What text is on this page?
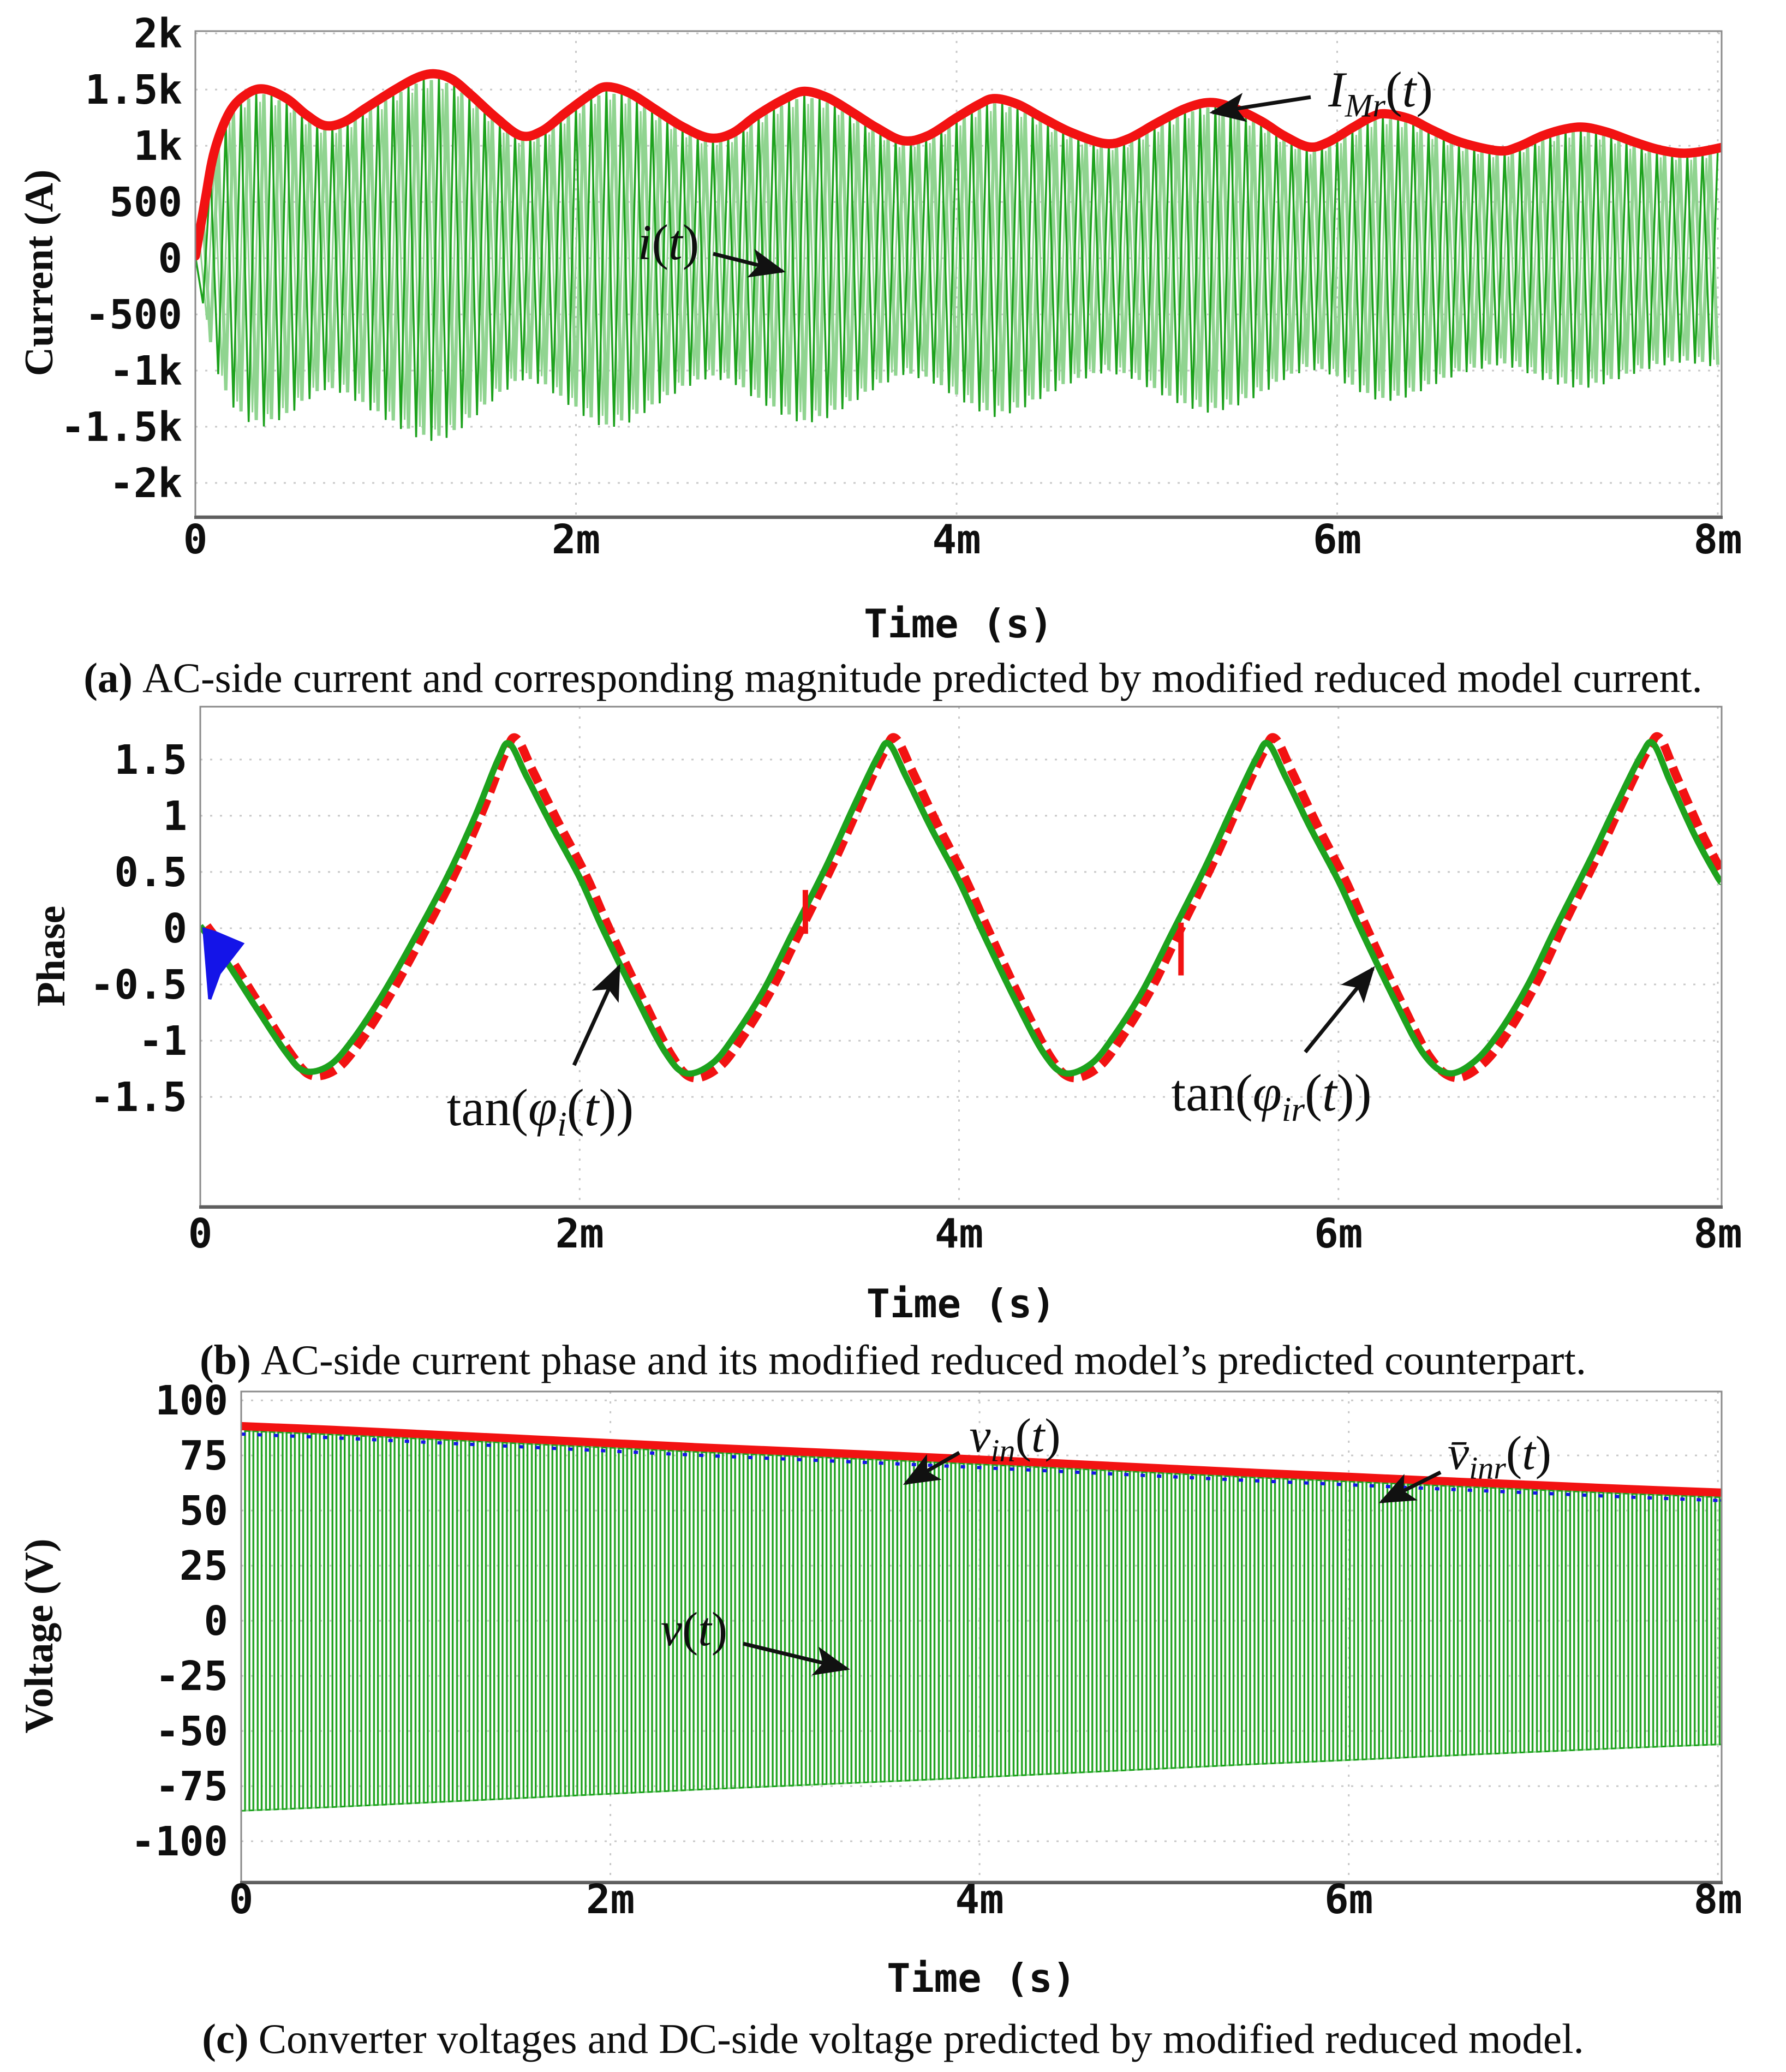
2k
1.5k
1k
500
0
-500
-1k
-1.5k
-2k
0	2m	4m	6m	8m
Current (A)
Time (s)
$I_{Mr}(t)$
i(t)
1.5
1
0.5
0
-0.5
-1
-1.5
0	2m	4m	6m	8m
Phase
Time (s)
$\tan(\varphi_i(t))$	$\tan(\varphi_{ir}(t))$
100
75
50
25
0
-25
-50
-75
-100
0	2m	4m	6m	8m
Voltage (V)
Time (s)
$v_{in}(t)$	$v̄_{inr}(t)$
v(t)
(a) AC-side current and corresponding magnitude predicted by modified reduced model current.
(b) AC-side current phase and its modified reduced model’s predicted counterpart.
(c) Converter voltages and DC-side voltage predicted by modified reduced model.
